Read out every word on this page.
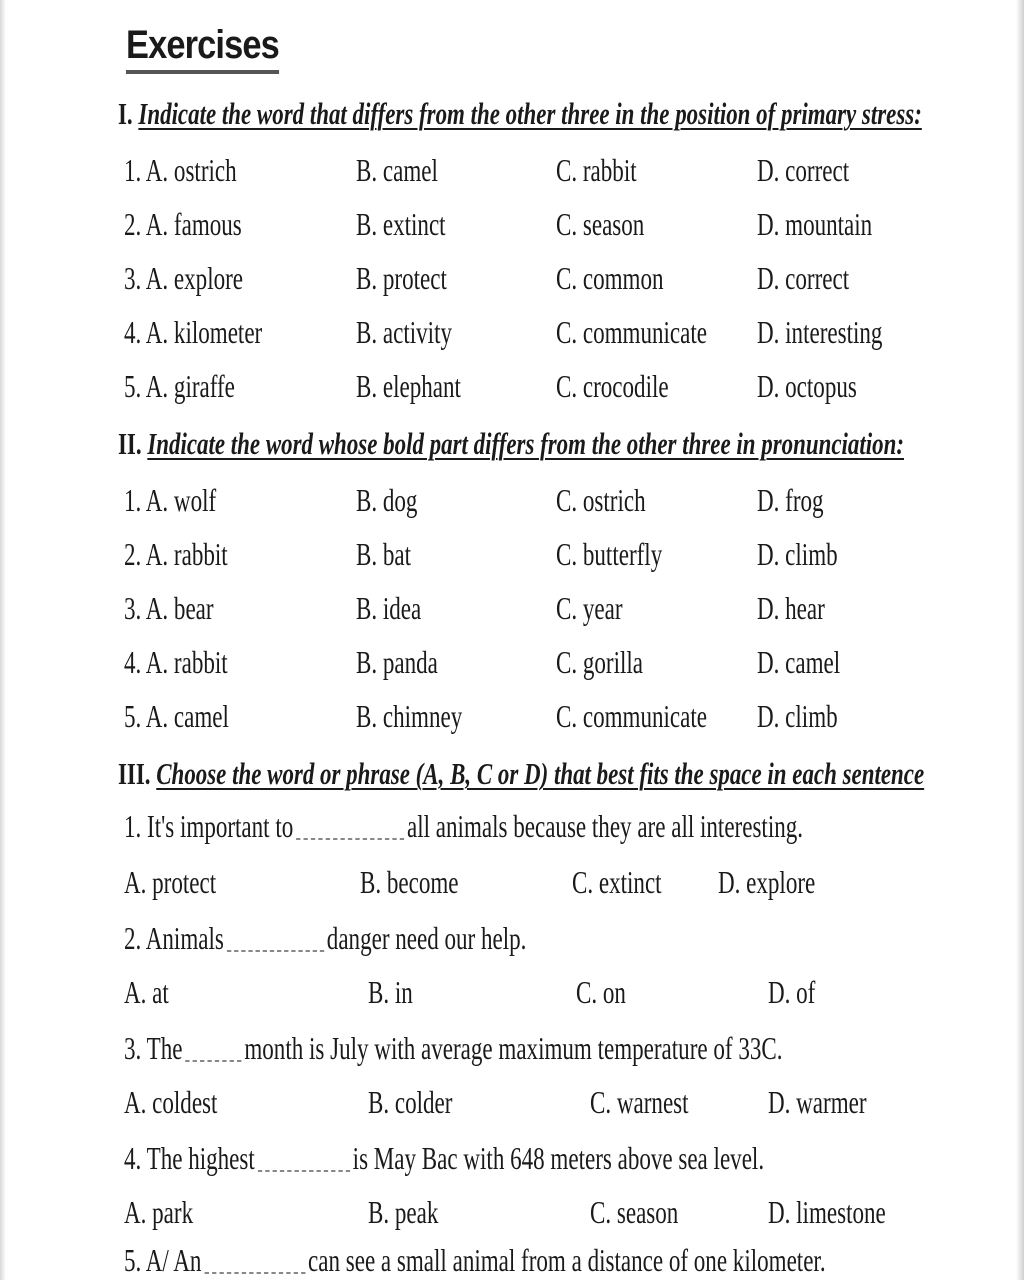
Exercises
I. Indicate the word that differs from the other three in the position of primary stress:
1. A. ostrich	B. camel	C. rabbit	D. correct
2. A. famous	B. extinct	C. season	D. mountain
3. A. explore	B. protect	C. common	D. correct
4. A. kilometer	B. activity	C. communicate D. interesting
5. A. giraffe	B. elephant	C. crocodile	D. octopus
II. Indicate the word whose bold part differs from the other three in pronunciation:
1. A. wolf	B. dog	C. ostrich	D. frog
2. A. rabbit	B. bat	C. butterfly	D. climb
3. A. bear	B. idea	C. year	D. hear
4. A. rabbit	B. panda	C. gorilla	D. camel
5. A. camel	B. chimney	C. communicate D. climb
III. Choose the word or phrase (A, B, C or D) that best fits the space in each sentence
1. It's important to	all animals because they are all interesting.
A. protect	B. become	C. extinct D. explore
2. Animals	danger need our help.
A. at	B. in	C. on	D. of
3. The month is July with average maximum temperature of 33C.
A. coldest	B. colder	C. warnest D. warmer
4. The highest	is May Bac with 648 meters above sea level.
A. park	B. peak	C. season	D. limestone
5. A/ An	can see a small animal from a distance of one kilometer.
